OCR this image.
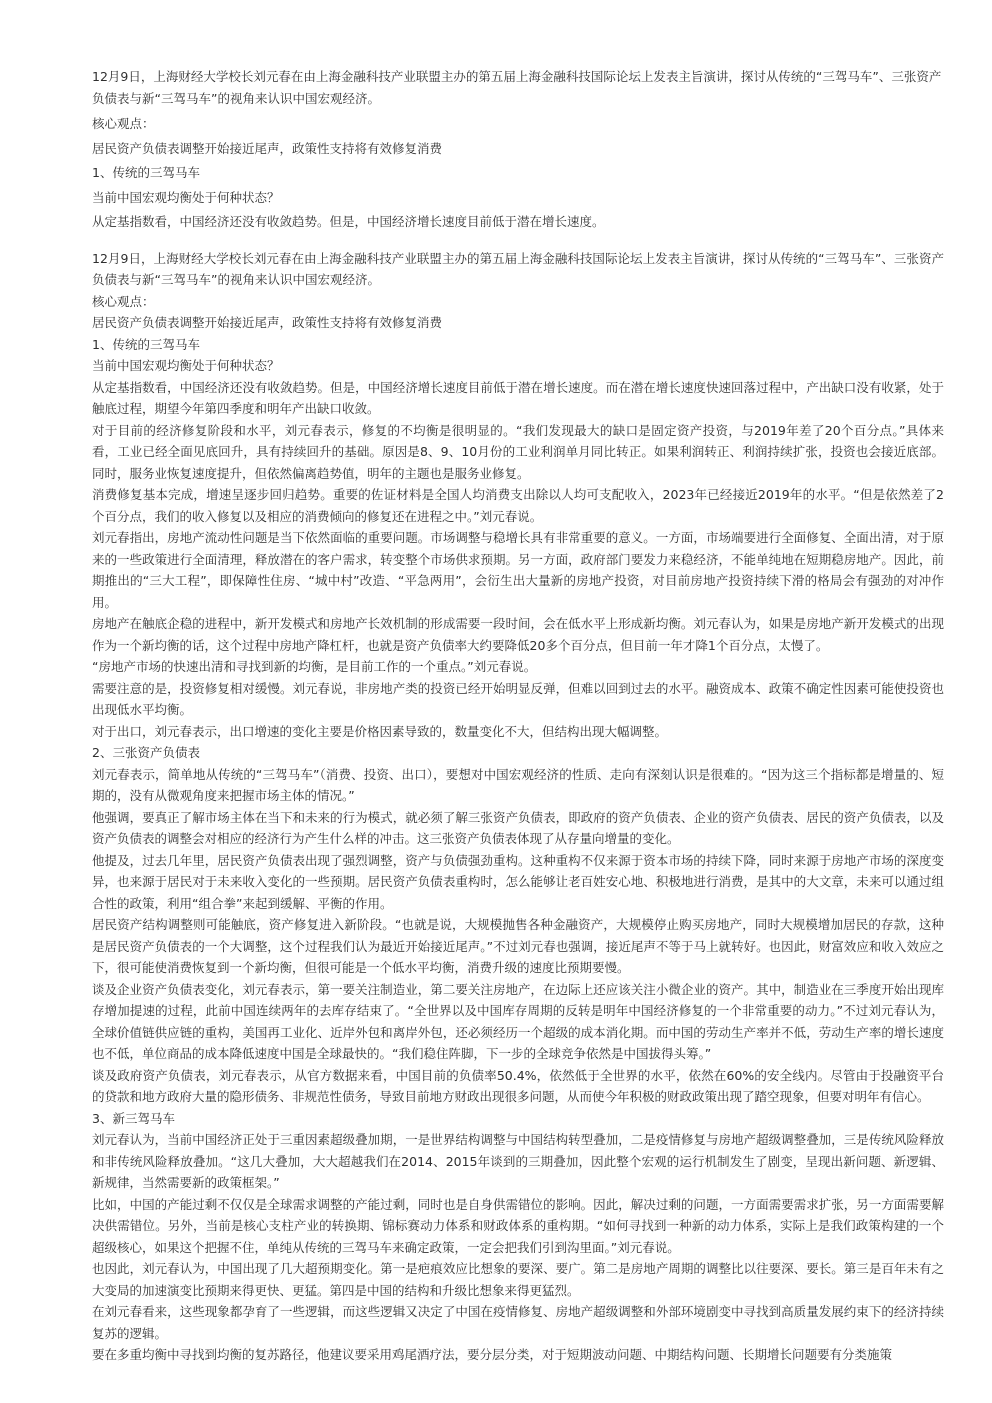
12月9日，上海财经大学校长刘元春在由上海金融科技产业联盟主办的第五届上海金融科技国际论坛上发表主旨演讲，探讨从传统的“三驾马车”、三张资产负债表与新“三驾马车”的视角来认识中国宏观经济。

核心观点：

居民资产负债表调整开始接近尾声，政策性支持将有效修复消费

1、传统的三驾马车

当前中国宏观均衡处于何种状态？

从定基指数看，中国经济还没有收敛趋势。但是，中国经济增长速度目前低于潜在增长速度。

12月9日，上海财经大学校长刘元春在由上海金融科技产业联盟主办的第五届上海金融科技国际论坛上发表主旨演讲，探讨从传统的“三驾马车”、三张资产负债表与新“三驾马车”的视角来认识中国宏观经济。

核心观点：

居民资产负债表调整开始接近尾声，政策性支持将有效修复消费

1、传统的三驾马车

当前中国宏观均衡处于何种状态？

从定基指数看，中国经济还没有收敛趋势。但是，中国经济增长速度目前低于潜在增长速度。而在潜在增长速度快速回落过程中，产出缺口没有收紧，处于触底过程，期望今年第四季度和明年产出缺口收敛。

对于目前的经济修复阶段和水平，刘元春表示，修复的不均衡是很明显的。“我们发现最大的缺口是固定资产投资，与2019年差了20个百分点。”具体来看，工业已经全面见底回升，具有持续回升的基础。原因是8、9、10月份的工业利润单月同比转正。如果利润转正、利润持续扩张，投资也会接近底部。同时，服务业恢复速度提升，但依然偏离趋势值，明年的主题也是服务业修复。

消费修复基本完成，增速呈逐步回归趋势。重要的佐证材料是全国人均消费支出除以人均可支配收入，2023年已经接近2019年的水平。“但是依然差了2个百分点，我们的收入修复以及相应的消费倾向的修复还在进程之中。”刘元春说。

刘元春指出，房地产流动性问题是当下依然面临的重要问题。市场调整与稳增长具有非常重要的意义。一方面，市场端要进行全面修复、全面出清，对于原来的一些政策进行全面清理，释放潜在的客户需求，转变整个市场供求预期。另一方面，政府部门要发力来稳经济，不能单纯地在短期稳房地产。因此，前期推出的“三大工程”，即保障性住房、“城中村”改造、“平急两用”，会衍生出大量新的房地产投资，对目前房地产投资持续下滑的格局会有强劲的对冲作用。

房地产在触底企稳的进程中，新开发模式和房地产长效机制的形成需要一段时间，会在低水平上形成新均衡。刘元春认为，如果是房地产新开发模式的出现作为一个新均衡的话，这个过程中房地产降杠杆，也就是资产负债率大约要降低20多个百分点，但目前一年才降1个百分点，太慢了。

“房地产市场的快速出清和寻找到新的均衡，是目前工作的一个重点。”刘元春说。

需要注意的是，投资修复相对缓慢。刘元春说，非房地产类的投资已经开始明显反弹，但难以回到过去的水平。融资成本、政策不确定性因素可能使投资也出现低水平均衡。

对于出口，刘元春表示，出口增速的变化主要是价格因素导致的，数量变化不大，但结构出现大幅调整。

2、三张资产负债表

刘元春表示，简单地从传统的“三驾马车”（消费、投资、出口），要想对中国宏观经济的性质、走向有深刻认识是很难的。“因为这三个指标都是增量的、短期的，没有从微观角度来把握市场主体的情况。”

他强调，要真正了解市场主体在当下和未来的行为模式，就必须了解三张资产负债表，即政府的资产负债表、企业的资产负债表、居民的资产负债表，以及资产负债表的调整会对相应的经济行为产生什么样的冲击。这三张资产负债表体现了从存量向增量的变化。

他提及，过去几年里，居民资产负债表出现了强烈调整，资产与负债强劲重构。这种重构不仅来源于资本市场的持续下降，同时来源于房地产市场的深度变异，也来源于居民对于未来收入变化的一些预期。居民资产负债表重构时，怎么能够让老百姓安心地、积极地进行消费，是其中的大文章，未来可以通过组合性的政策，利用“组合拳”来起到缓解、平衡的作用。

居民资产结构调整则可能触底，资产修复进入新阶段。“也就是说，大规模抛售各种金融资产，大规模停止购买房地产，同时大规模增加居民的存款，这种是居民资产负债表的一个大调整，这个过程我们认为最近开始接近尾声。”不过刘元春也强调，接近尾声不等于马上就转好。也因此，财富效应和收入效应之下，很可能使消费恢复到一个新均衡，但很可能是一个低水平均衡，消费升级的速度比预期要慢。

谈及企业资产负债表变化，刘元春表示，第一要关注制造业，第二要关注房地产，在边际上还应该关注小微企业的资产。其中，制造业在三季度开始出现库存增加提速的过程，此前中国连续两年的去库存结束了。“全世界以及中国库存周期的反转是明年中国经济修复的一个非常重要的动力。”不过刘元春认为，全球价值链供应链的重构，美国再工业化、近岸外包和离岸外包，还必须经历一个超级的成本消化期。而中国的劳动生产率并不低，劳动生产率的增长速度也不低，单位商品的成本降低速度中国是全球最快的。“我们稳住阵脚，下一步的全球竞争依然是中国拔得头筹。”

谈及政府资产负债表，刘元春表示，从官方数据来看，中国目前的负债率50.4%，依然低于全世界的水平，依然在60%的安全线内。尽管由于投融资平台的贷款和地方政府大量的隐形债务、非规范性债务，导致目前地方财政出现很多问题，从而使今年积极的财政政策出现了踏空现象，但要对明年有信心。

3、新三驾马车

刘元春认为，当前中国经济正处于三重因素超级叠加期，一是世界结构调整与中国结构转型叠加，二是疫情修复与房地产超级调整叠加，三是传统风险释放和非传统风险释放叠加。“这几大叠加，大大超越我们在2014、2015年谈到的三期叠加，因此整个宏观的运行机制发生了剧变，呈现出新问题、新逻辑、新规律，当然需要新的政策框架。”

比如，中国的产能过剩不仅仅是全球需求调整的产能过剩，同时也是自身供需错位的影响。因此，解决过剩的问题，一方面需要需求扩张，另一方面需要解决供需错位。另外，当前是核心支柱产业的转换期、锦标赛动力体系和财政体系的重构期。“如何寻找到一种新的动力体系，实际上是我们政策构建的一个超级核心，如果这个把握不住，单纯从传统的三驾马车来确定政策，一定会把我们引到沟里面。”刘元春说。

也因此，刘元春认为，中国出现了几大超预期变化。第一是疤痕效应比想象的要深、要广。第二是房地产周期的调整比以往要深、要长。第三是百年未有之大变局的加速演变比预期来得更快、更猛。第四是中国的结构和升级比想象来得更猛烈。

在刘元春看来，这些现象都孕育了一些逻辑，而这些逻辑又决定了中国在疫情修复、房地产超级调整和外部环境剧变中寻找到高质量发展约束下的经济持续复苏的逻辑。

要在多重均衡中寻找到均衡的复苏路径，他建议要采用鸡尾酒疗法，要分层分类，对于短期波动问题、中期结构问题、长期增长问题要有分类施策
